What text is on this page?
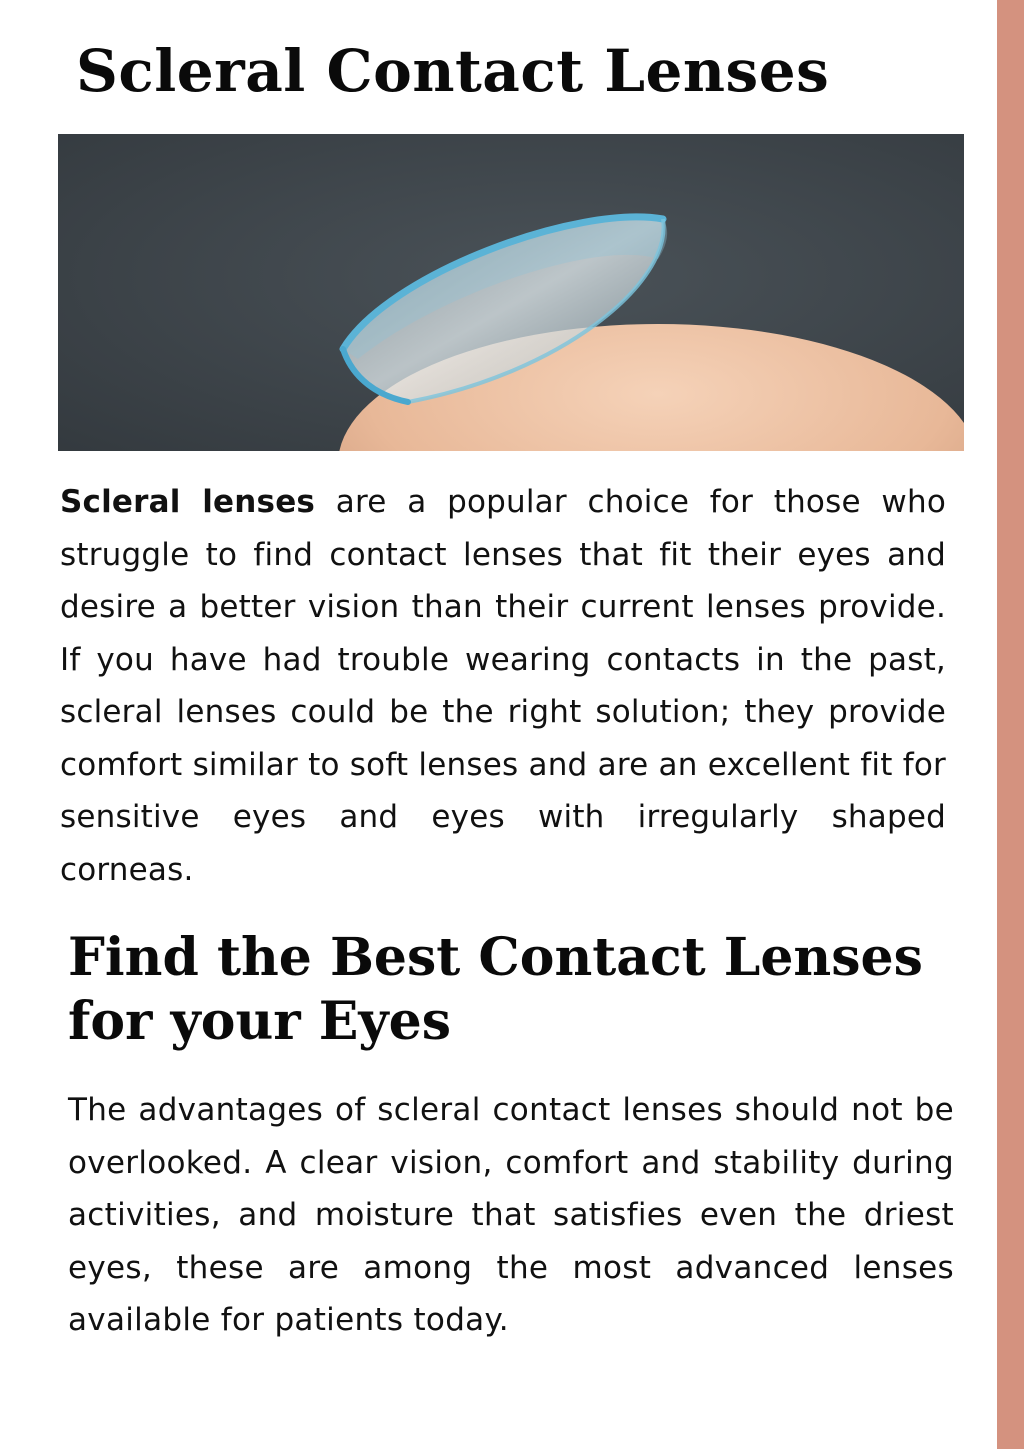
Scleral Contact Lenses

Scleral lenses are a popular choice for those who struggle to find contact lenses that fit their eyes and desire a better vision than their current lenses provide. If you have had trouble wearing contacts in the past, scleral lenses could be the right solution; they provide comfort similar to soft lenses and are an excellent fit for sensitive eyes and eyes with irregularly shaped corneas.

Find the Best Contact Lenses for your Eyes

The advantages of scleral contact lenses should not be overlooked. A clear vision, comfort and stability during activities, and moisture that satisfies even the driest eyes, these are among the most advanced lenses available for patients today.
